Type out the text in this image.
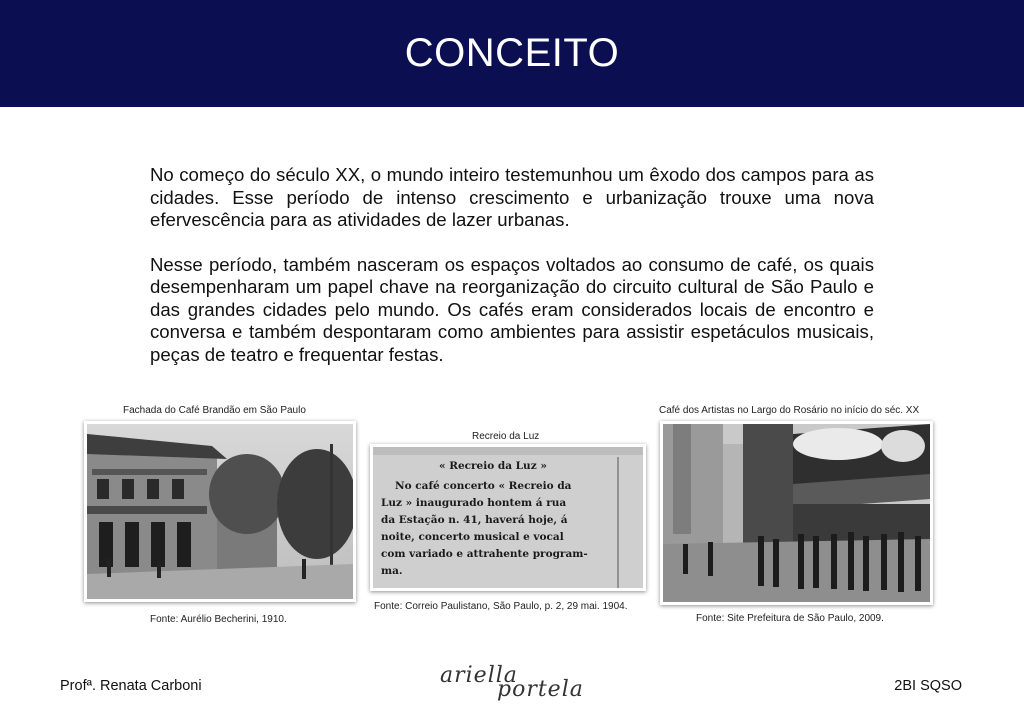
CONCEITO

No começo do século XX, o mundo inteiro testemunhou um êxodo dos campos para as cidades. Esse período de intenso crescimento e urbanização trouxe uma nova efervescência para as atividades de lazer urbanas.

Nesse período, também nasceram os espaços voltados ao consumo de café, os quais desempenharam um papel chave na reorganização do circuito cultural de São Paulo e das grandes cidades pelo mundo. Os cafés eram considerados locais de encontro e conversa e também despontaram como ambientes para assistir espetáculos musicais, peças de teatro e frequentar festas.

Fachada do Café Brandão em São Paulo
Fonte: Aurélio Becherini, 1910.
Recreio da Luz
« Recreio da Luz »
No café concerto « Recreio da
Luz » inaugurado hontem á rua
da Estação n. 41, haverá hoje, á
noite, concerto musical e vocal
com variado e attrahente program-
ma.
Fonte: Correio Paulistano, São Paulo, p. 2, 29 mai. 1904.
Café dos Artistas no Largo do Rosário no início do séc. XX
Fonte: Site Prefeitura de São Paulo, 2009.
Profª. Renata Carboni	ariella
portela	2BI SQSO
